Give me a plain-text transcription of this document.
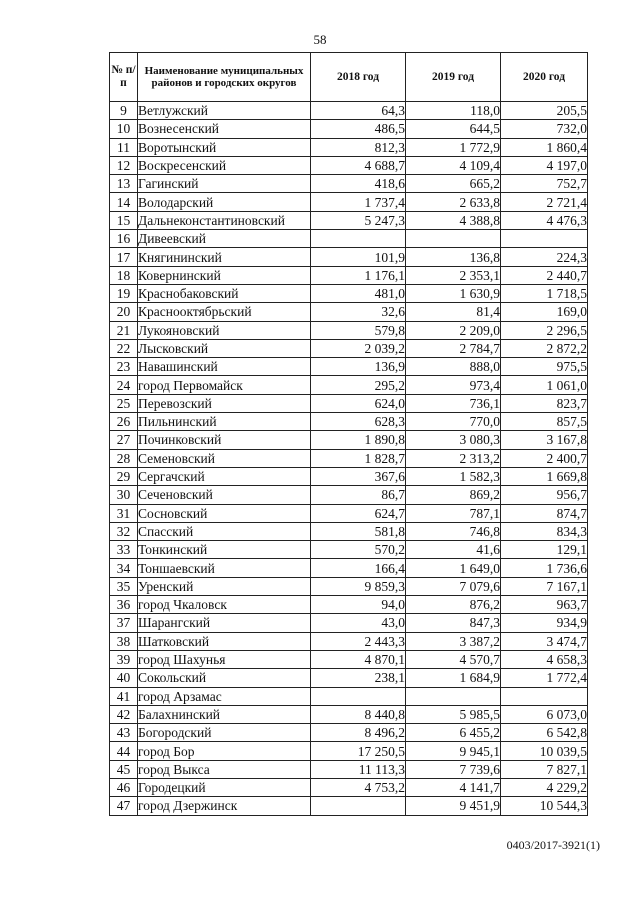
58
№ п/п	Наименование муниципальных районов и городских округов	2018 год	2019 год	2020 год
9	Ветлужский	64,3	118,0	205,5
10	Вознесенский	486,5	644,5	732,0
11	Воротынский	812,3	1 772,9	1 860,4
12	Воскресенский	4 688,7	4 109,4	4 197,0
13	Гагинский	418,6	665,2	752,7
14	Володарский	1 737,4	2 633,8	2 721,4
15	Дальнеконстантиновский	5 247,3	4 388,8	4 476,3
16	Дивеевский			
17	Княгининский	101,9	136,8	224,3
18	Ковернинский	1 176,1	2 353,1	2 440,7
19	Краснобаковский	481,0	1 630,9	1 718,5
20	Краснооктябрьский	32,6	81,4	169,0
21	Лукояновский	579,8	2 209,0	2 296,5
22	Лысковский	2 039,2	2 784,7	2 872,2
23	Навашинский	136,9	888,0	975,5
24	город Первомайск	295,2	973,4	1 061,0
25	Перевозский	624,0	736,1	823,7
26	Пильнинский	628,3	770,0	857,5
27	Починковский	1 890,8	3 080,3	3 167,8
28	Семеновский	1 828,7	2 313,2	2 400,7
29	Сергачский	367,6	1 582,3	1 669,8
30	Сеченовский	86,7	869,2	956,7
31	Сосновский	624,7	787,1	874,7
32	Спасский	581,8	746,8	834,3
33	Тонкинский	570,2	41,6	129,1
34	Тоншаевский	166,4	1 649,0	1 736,6
35	Уренский	9 859,3	7 079,6	7 167,1
36	город Чкаловск	94,0	876,2	963,7
37	Шарангский	43,0	847,3	934,9
38	Шатковский	2 443,3	3 387,2	3 474,7
39	город Шахунья	4 870,1	4 570,7	4 658,3
40	Сокольский	238,1	1 684,9	1 772,4
41	город Арзамас			
42	Балахнинский	8 440,8	5 985,5	6 073,0
43	Богородский	8 496,2	6 455,2	6 542,8
44	город Бор	17 250,5	9 945,1	10 039,5
45	город Выкса	11 113,3	7 739,6	7 827,1
46	Городецкий	4 753,2	4 141,7	4 229,2
47	город Дзержинск		9 451,9	10 544,3
0403/2017-3921(1)
